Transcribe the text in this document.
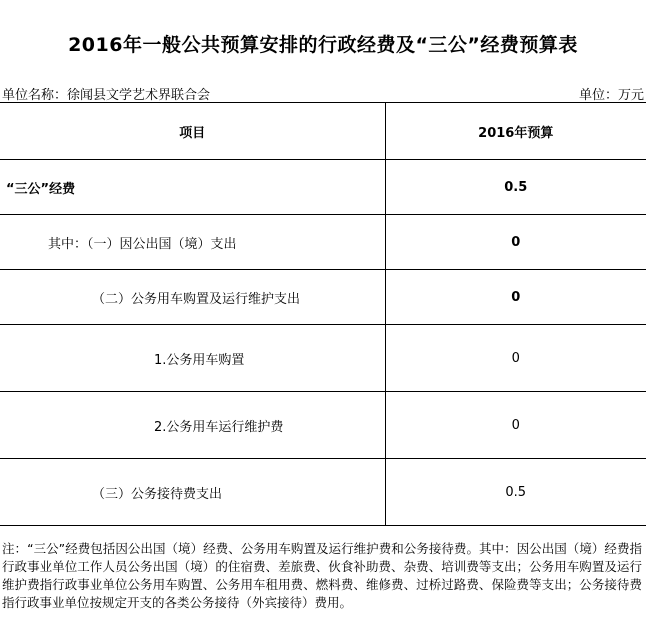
2016年一般公共预算安排的行政经费及“三公”经费预算表
单位名称：徐闻县文学艺术界联合会	单位：万元
项目	2016年预算
“三公”经费	0.5
其中：（一）因公出国（境）支出	0
（二）公务用车购置及运行维护支出	0
1.公务用车购置	0
2.公务用车运行维护费	0
（三）公务接待费支出	0.5
注：“三公”经费包括因公出国（境）经费、公务用车购置及运行维护费和公务接待费。其中：因公出国（境）经费指行政事业单位工作人员公务出国（境）的住宿费、差旅费、伙食补助费、杂费、培训费等支出；公务用车购置及运行维护费指行政事业单位公务用车购置、公务用车租用费、燃料费、维修费、过桥过路费、保险费等支出；公务接待费指行政事业单位按规定开支的各类公务接待（外宾接待）费用。
